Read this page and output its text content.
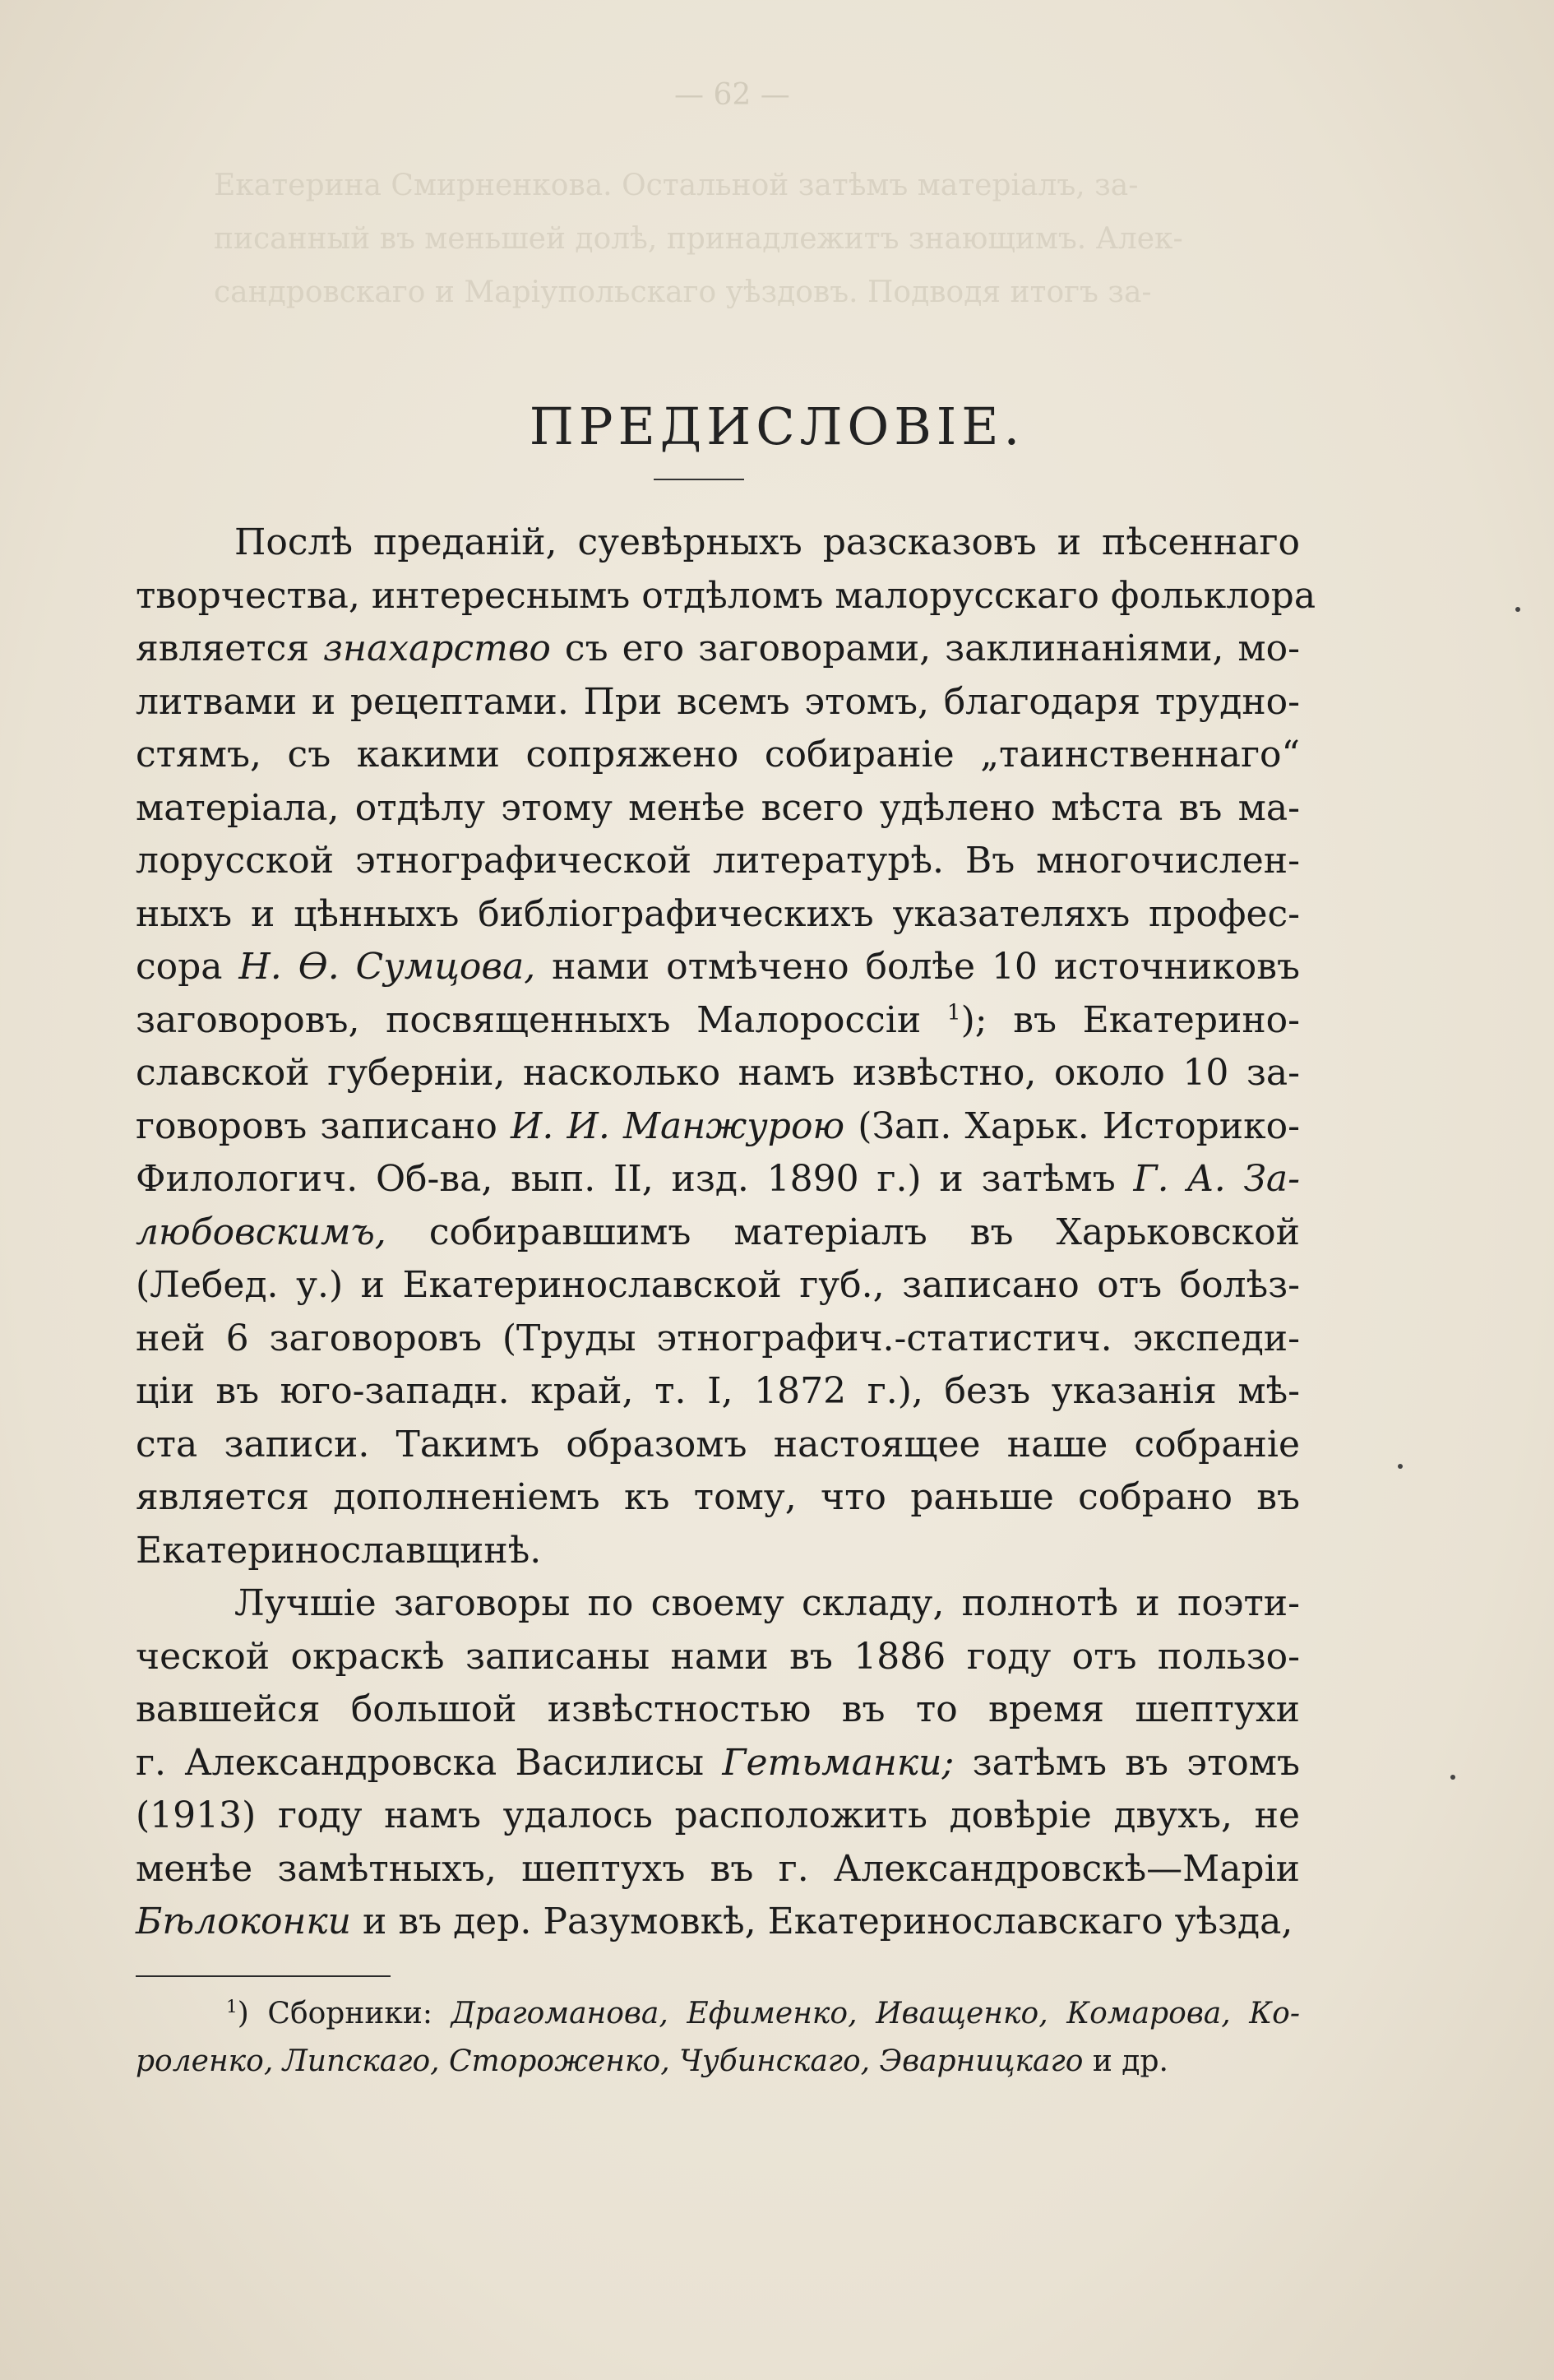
— 62 —
Екатерина Смирненкова. Остальной затѣмъ матеріалъ, за-
писанный въ меньшей долѣ, принадлежитъ знающимъ. Алек-
сандровскаго и Маріупольскаго уѣздовъ. Подводя итогъ за-
ПРЕДИСЛОВІЕ.
Послѣ преданій, суевѣрныхъ разсказовъ и пѣсеннаго
творчества, интереснымъ отдѣломъ малорусскаго фольклора
является знахарство съ его заговорами, заклинаніями, мо-
литвами и рецептами. При всемъ этомъ, благодаря трудно-
стямъ, съ какими сопряжено собираніе „таинственнаго“
матеріала, отдѣлу этому менѣе всего удѣлено мѣста въ ма-
лорусской этнографической литературѣ. Въ многочислен-
ныхъ и цѣнныхъ библіографическихъ указателяхъ профес-
сора Н. Ѳ. Сумцова, нами отмѣчено болѣе 10 источниковъ
заговоровъ, посвященныхъ Малороссіи $^1$); въ Екатерино-
славской губерніи, насколько намъ извѣстно, около 10 за-
говоровъ записано И. И. Манжурою (Зап. Харьк. Историко-
Филологич. Об-ва, вып. II, изд. 1890 г.) и затѣмъ Г. А. За-
любовскимъ, собиравшимъ матеріалъ въ Харьковской
(Лебед. у.) и Екатеринославской губ., записано отъ болѣз-
ней 6 заговоровъ (Труды этнографич.-статистич. экспеди-
ціи въ юго-западн. край, т. I, 1872 г.), безъ указанія мѣ-
ста записи. Такимъ образомъ настоящее наше собраніе
является дополненіемъ къ тому, что раньше собрано въ
Екатеринославщинѣ.
Лучшіе заговоры по своему складу, полнотѣ и поэти-
ческой окраскѣ записаны нами въ 1886 году отъ пользо-
вавшейся большой извѣстностью въ то время шептухи
г. Александровска Василисы Гетьманки; затѣмъ въ этомъ
(1913) году намъ удалось расположить довѣріе двухъ, не
менѣе замѣтныхъ, шептухъ въ г. Александровскѣ—Маріи
Бѣлоконки и въ дер. Разумовкѣ, Екатеринославскаго уѣзда,
$^1$) Сборники: Драгоманова, Ефименко, Иващенко, Комарова, Ко-
роленко, Липскаго, Стороженко, Чубинскаго, Эварницкаго и др.
